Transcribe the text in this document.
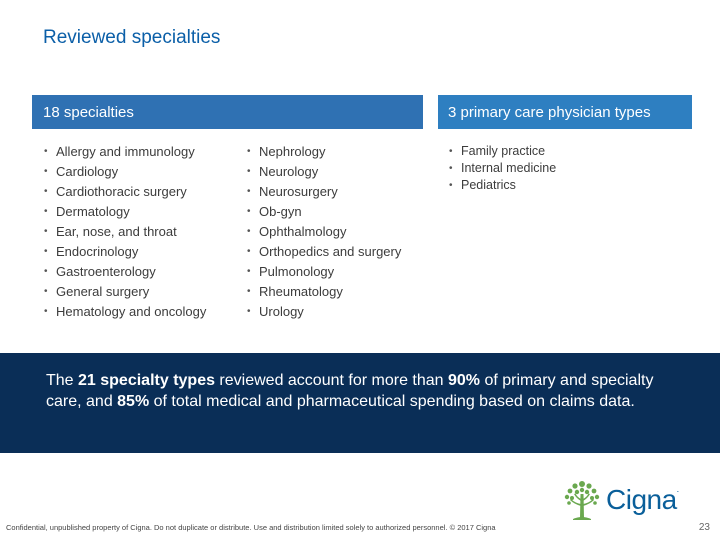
Reviewed specialties
18 specialties	3 primary care physician types
• Allergy and immunology
• Cardiology
• Cardiothoracic surgery
• Dermatology
• Ear, nose, and throat
• Endocrinology
• Gastroenterology
• General surgery
• Hematology and oncology
• Nephrology
• Neurology
• Neurosurgery
• Ob-gyn
• Ophthalmology
• Orthopedics and surgery
• Pulmonology
• Rheumatology
• Urology
• Family practice
• Internal medicine
• Pediatrics

The 21 specialty types reviewed account for more than 90% of primary and specialty care, and 85% of total medical and pharmaceutical spending based on claims data.

Cigna.
Confidential, unpublished property of Cigna. Do not duplicate or distribute. Use and distribution limited solely to authorized personnel. © 2017 Cigna	23
